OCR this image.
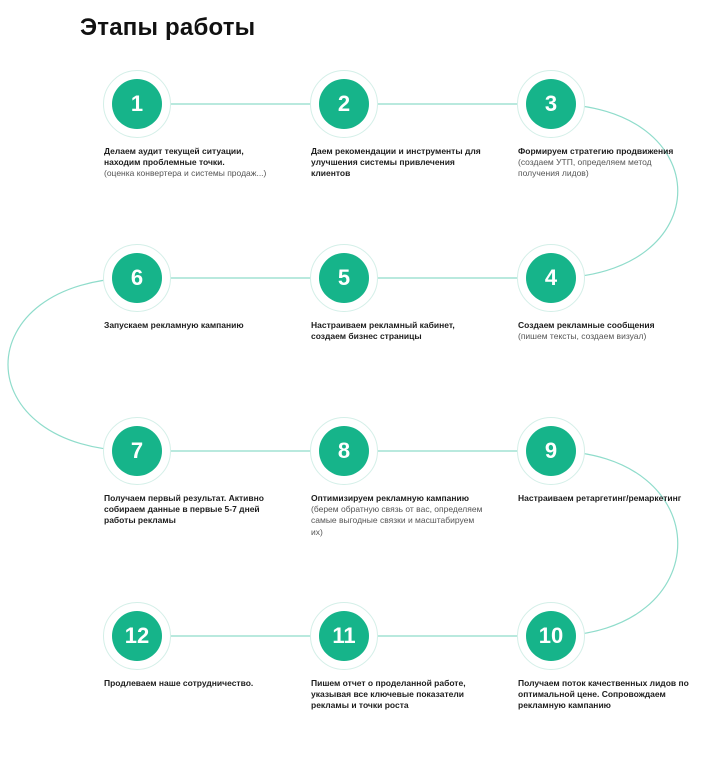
Этапы работы
1
Делаем аудит текущей ситуации, находим проблемные точки.
(оценка конвертера и системы продаж...)
2
Даем рекомендации и инструменты для улучшения системы привлечения клиентов
3
Формируем стратегию продвижения
(создаем УТП, определяем метод получения лидов)
4
Создаем рекламные сообщения
(пишем тексты, создаем визуал)
5
Настраиваем рекламный кабинет, создаем бизнес страницы
6
Запускаем рекламную кампанию
7
Получаем первый результат. Активно собираем данные в первые 5-7 дней работы рекламы
8
Оптимизируем рекламную кампанию
(берем обратную связь от вас, определяем самые выгодные связки и масштабируем их)
9
Настраиваем ретаргетинг/ремаркетинг
10
Получаем поток качественных лидов по оптимальной цене. Сопровождаем рекламную кампанию
11
Пишем отчет о проделанной работе, указывая все ключевые показатели рекламы и точки роста
12
Продлеваем наше сотрудничество.
